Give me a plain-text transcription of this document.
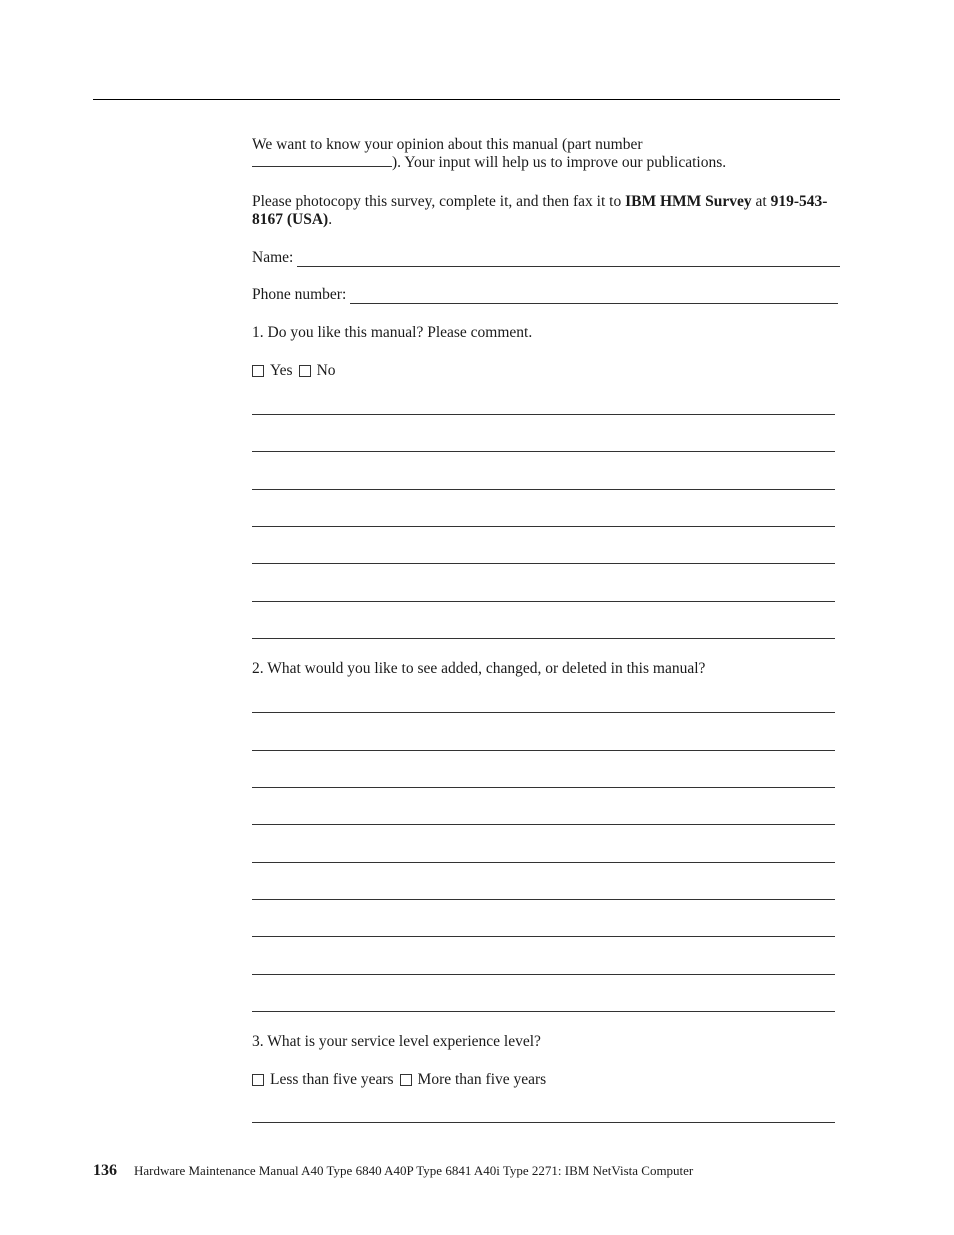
We want to know your opinion about this manual (part number
). Your input will help us to improve our publications.

Please photocopy this survey, complete it, and then fax it to IBM HMM Survey at 919-543-8167 (USA).

Name:
Phone number:

1. Do you like this manual? Please comment.

Yes No

2. What would you like to see added, changed, or deleted in this manual?

3. What is your service level experience level?

Less than five years More than five years
136 Hardware Maintenance Manual A40 Type 6840 A40P Type 6841 A40i Type 2271: IBM NetVista Computer
